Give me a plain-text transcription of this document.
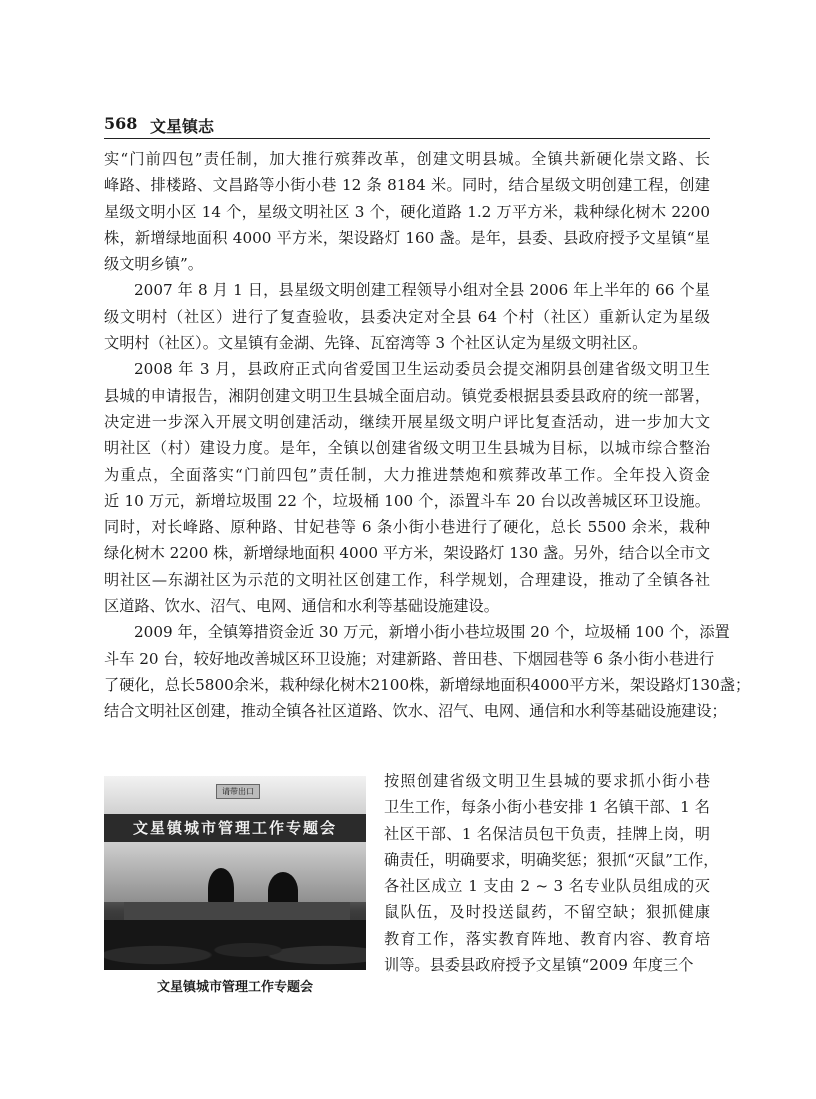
568 文星镇志
实“门前四包”责任制，加大推行殡葬改革，创建文明县城。全镇共新硬化崇文路、长
峰路、排楼路、文昌路等小街小巷 12 条 8184 米。同时，结合星级文明创建工程，创建
星级文明小区 14 个，星级文明社区 3 个，硬化道路 1.2 万平方米，栽种绿化树木 2200
株，新增绿地面积 4000 平方米，架设路灯 160 盏。是年，县委、县政府授予文星镇“星
级文明乡镇”。
2007 年 8 月 1 日，县星级文明创建工程领导小组对全县 2006 年上半年的 66 个星
级文明村（社区）进行了复查验收，县委决定对全县 64 个村（社区）重新认定为星级
文明村（社区）。文星镇有金湖、先锋、瓦窑湾等 3 个社区认定为星级文明社区。
2008 年 3 月，县政府正式向省爱国卫生运动委员会提交湘阴县创建省级文明卫生
县城的申请报告，湘阴创建文明卫生县城全面启动。镇党委根据县委县政府的统一部署，
决定进一步深入开展文明创建活动，继续开展星级文明户评比复查活动，进一步加大文
明社区（村）建设力度。是年，全镇以创建省级文明卫生县城为目标，以城市综合整治
为重点，全面落实“门前四包”责任制，大力推进禁炮和殡葬改革工作。全年投入资金
近 10 万元，新增垃圾围 22 个，垃圾桶 100 个，添置斗车 20 台以改善城区环卫设施。
同时，对长峰路、原种路、甘妃巷等 6 条小街小巷进行了硬化，总长 5500 余米，栽种
绿化树木 2200 株，新增绿地面积 4000 平方米，架设路灯 130 盏。另外，结合以全市文
明社区—东湖社区为示范的文明社区创建工作，科学规划，合理建设，推动了全镇各社
区道路、饮水、沼气、电网、通信和水利等基础设施建设。
2009 年，全镇筹措资金近 30 万元，新增小街小巷垃圾围 20 个，垃圾桶 100 个，添置
斗车 20 台，较好地改善城区环卫设施；对建新路、普田巷、下烟园巷等 6 条小街小巷进行
了硬化，总长5800余米，栽种绿化树木2100株，新增绿地面积4000平方米，架设路灯130盏；
结合文明社区创建，推动全镇各社区道路、饮水、沼气、电网、通信和水利等基础设施建设；
请带出口
文星镇城市管理工作专题会
文星镇城市管理工作专题会
按照创建省级文明卫生县城的要求抓小街小巷
卫生工作，每条小街小巷安排 1 名镇干部、1 名
社区干部、1 名保洁员包干负责，挂牌上岗，明
确责任，明确要求，明确奖惩；狠抓“灭鼠”工作，
各社区成立 1 支由 2 ~ 3 名专业队员组成的灭
鼠队伍，及时投送鼠药，不留空缺；狠抓健康
教育工作，落实教育阵地、教育内容、教育培
训等。县委县政府授予文星镇“2009 年度三个
